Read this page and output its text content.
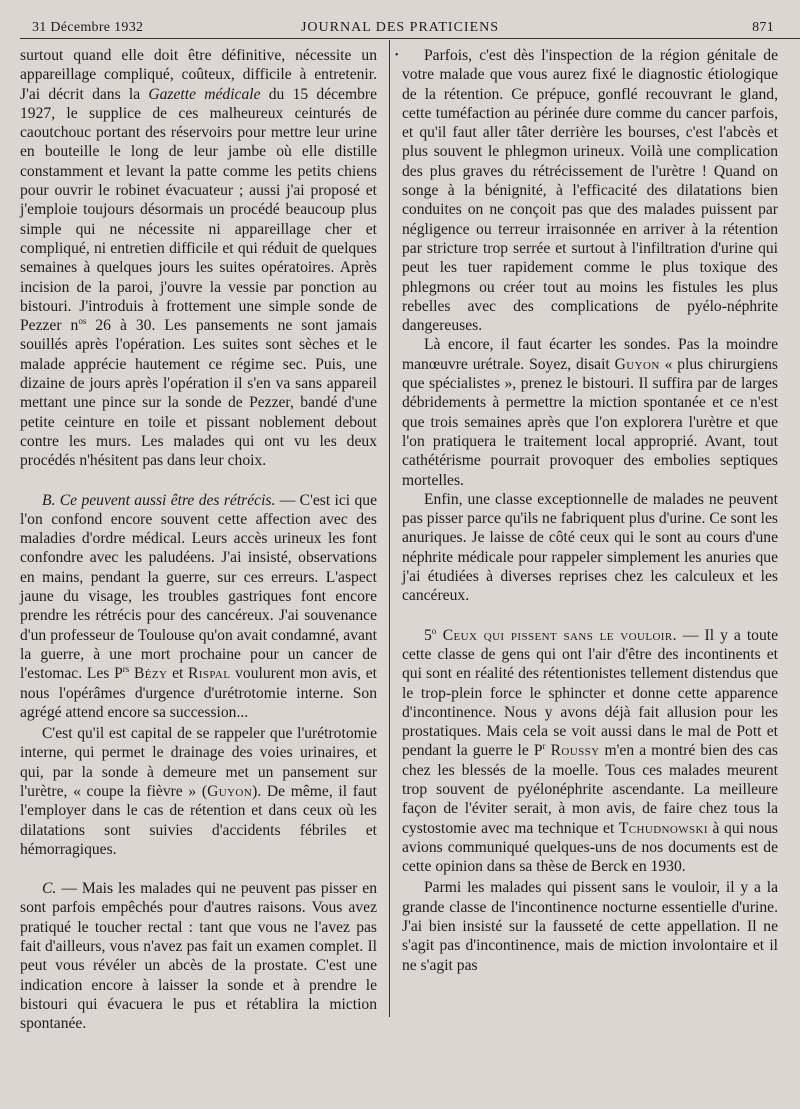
31 Décembre 1932	JOURNAL DES PRATICIENS	871

surtout quand elle doit être définitive, nécessite un appareillage compliqué, coûteux, difficile à entretenir. J'ai décrit dans la Gazette médicale du 15 décembre 1927, le supplice de ces malheureux ceinturés de caoutchouc portant des réservoirs pour mettre leur urine en bouteille le long de leur jambe où elle distille constamment et levant la patte comme les petits chiens pour ouvrir le robinet évacuateur ; aussi j'ai proposé et j'emploie toujours désormais un procédé beaucoup plus simple qui ne nécessite ni appareillage cher et compliqué, ni entretien difficile et qui réduit de quelques semaines à quelques jours les suites opératoires. Après incision de la paroi, j'ouvre la vessie par ponction au bistouri. J'introduis à frottement une simple sonde de Pezzer $n^{os}$ 26 à 30. Les pansements ne sont jamais souillés après l'opération. Les suites sont sèches et le malade apprécie hautement ce régime sec. Puis, une dizaine de jours après l'opération il s'en va sans appareil mettant une pince sur la sonde de Pezzer, bandé d'une petite ceinture en toile et pissant noblement debout contre les murs. Les malades qui ont vu les deux procédés n'hésitent pas dans leur choix.

B. Ce peuvent aussi être des rétrécis. — C'est ici que l'on confond encore souvent cette affection avec des maladies d'ordre médical. Leurs accès urineux les font confondre avec les paludéens. J'ai insisté, observations en mains, pendant la guerre, sur ces erreurs. L'aspect jaune du visage, les troubles gastriques font encore prendre les rétrécis pour des cancéreux. J'ai souvenance d'un professeur de Toulouse qu'on avait condamné, avant la guerre, à une mort prochaine pour un cancer de l'estomac. Les $P^{rs}$ Bézy et Rispal voulurent mon avis, et nous l'opérâmes d'urgence d'urétrotomie interne. Son agrégé attend encore sa succession...

C'est qu'il est capital de se rappeler que l'urétrotomie interne, qui permet le drainage des voies urinaires, et qui, par la sonde à demeure met un pansement sur l'urètre, « coupe la fièvre » (Guyon). De même, il faut l'employer dans le cas de rétention et dans ceux où les dilatations sont suivies d'accidents fébriles et hémorragiques.

C. — Mais les malades qui ne peuvent pas pisser en sont parfois empêchés pour d'autres raisons. Vous avez pratiqué le toucher rectal : tant que vous ne l'avez pas fait d'ailleurs, vous n'avez pas fait un examen complet. Il peut vous révéler un abcès de la prostate. C'est une indication encore à laisser la sonde et à prendre le bistouri qui évacuera le pus et rétablira la miction spontanée.

•	Parfois, c'est dès l'inspection de la région génitale de votre malade que vous aurez fixé le diagnostic étiologique de la rétention. Ce prépuce, gonflé recouvrant le gland, cette tuméfaction au périnée dure comme du cancer parfois, et qu'il faut aller tâter derrière les bourses, c'est l'abcès et plus souvent le phlegmon urineux. Voilà une complication des plus graves du rétrécissement de l'urètre ! Quand on songe à la bénignité, à l'efficacité des dilatations bien conduites on ne conçoit pas que des malades puissent par négligence ou terreur irraisonnée en arriver à la rétention par stricture trop serrée et surtout à l'infiltration d'urine qui peut les tuer rapidement comme le plus toxique des phlegmons ou créer tout au moins les fistules les plus rebelles avec des complications de pyélo-néphrite dangereuses.

Là encore, il faut écarter les sondes. Pas la moindre manœuvre urétrale. Soyez, disait Guyon « plus chirurgiens que spécialistes », prenez le bistouri. Il suffira par de larges débridements à permettre la miction spontanée et ce n'est que trois semaines après que l'on explorera l'urètre et que l'on pratiquera le traitement local approprié. Avant, tout cathétérisme pourrait provoquer des embolies septiques mortelles.

Enfin, une classe exceptionnelle de malades ne peuvent pas pisser parce qu'ils ne fabriquent plus d'urine. Ce sont les anuriques. Je laisse de côté ceux qui le sont au cours d'une néphrite médicale pour rappeler simplement les anuries que j'ai étudiées à diverses reprises chez les calculeux et les cancéreux.

5$^o$ Ceux qui pissent sans le vouloir. — Il y a toute cette classe de gens qui ont l'air d'être des incontinents et qui sont en réalité des rétentionistes tellement distendus que le trop-plein force le sphincter et donne cette apparence d'incontinence. Nous y avons déjà fait allusion pour les prostatiques. Mais cela se voit aussi dans le mal de Pott et pendant la guerre le $P^r$ Roussy m'en a montré bien des cas chez les blessés de la moelle. Tous ces malades meurent trop souvent de pyélonéphrite ascendante. La meilleure façon de l'éviter serait, à mon avis, de faire chez tous la cystostomie avec ma technique et Tchudnowski à qui nous avions communiqué quelques-uns de nos documents est de cette opinion dans sa thèse de Berck en 1930.

Parmi les malades qui pissent sans le vouloir, il y a la grande classe de l'incontinence nocturne essentielle d'urine. J'ai bien insisté sur la fausseté de cette appellation. Il ne s'agit pas d'incontinence, mais de miction involontaire et il ne s'agit pas
